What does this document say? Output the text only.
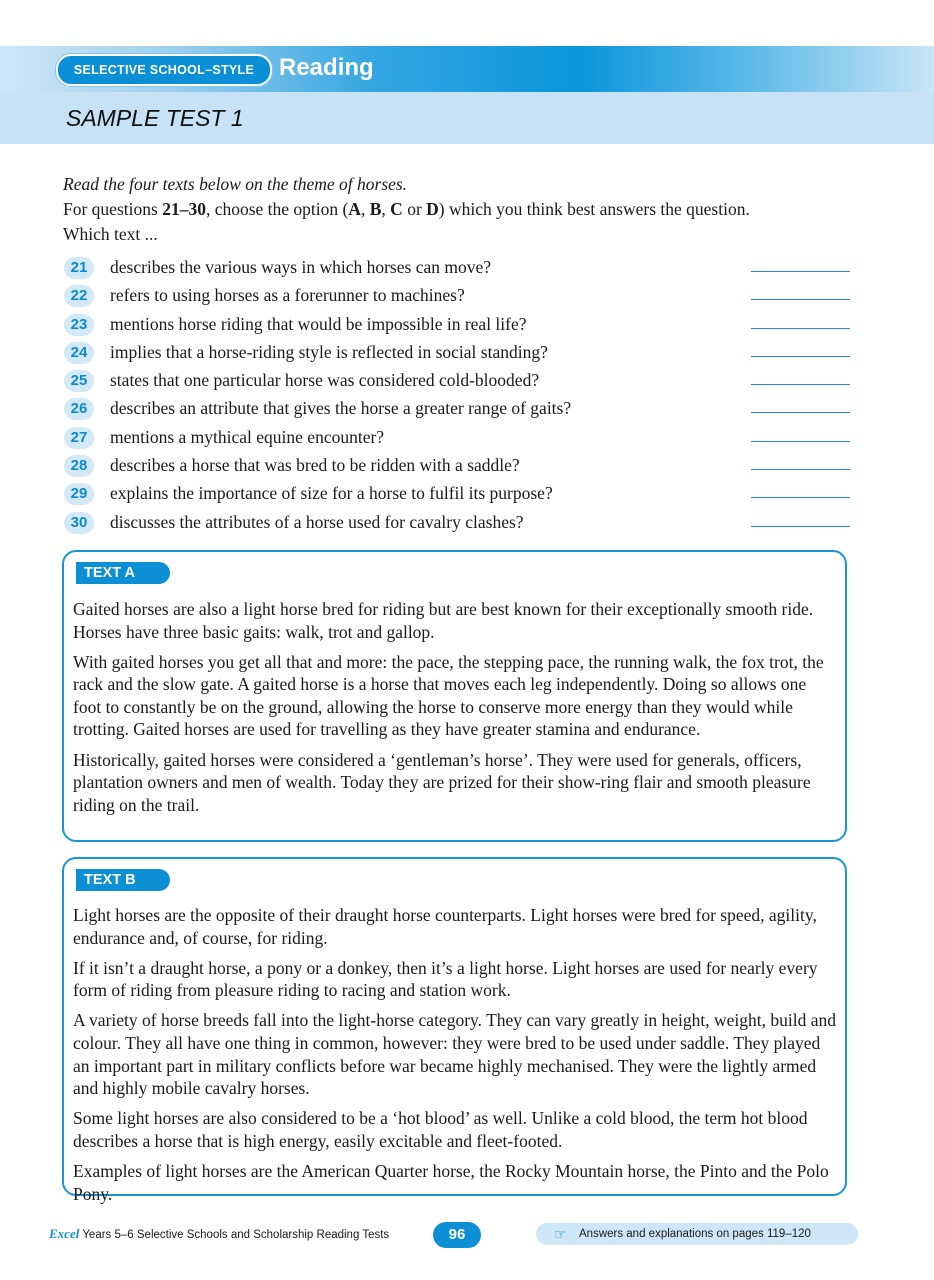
SELECTIVE SCHOOL–STYLE	Reading
SAMPLE TEST 1

Read the four texts below on the theme of horses.

For questions 21–30, choose the option (A, B, C or D) which you think best answers the question.

Which text ...

21	describes the various ways in which horses can move?
22	refers to using horses as a forerunner to machines?
23	mentions horse riding that would be impossible in real life?
24	implies that a horse-riding style is reflected in social standing?
25	states that one particular horse was considered cold-blooded?
26	describes an attribute that gives the horse a greater range of gaits?
27	mentions a mythical equine encounter?
28	describes a horse that was bred to be ridden with a saddle?
29	explains the importance of size for a horse to fulfil its purpose?
30	discusses the attributes of a horse used for cavalry clashes?
TEXT A

Gaited horses are also a light horse bred for riding but are best known for their exceptionally smooth ride. Horses have three basic gaits: walk, trot and gallop.

With gaited horses you get all that and more: the pace, the stepping pace, the running walk, the fox trot, the rack and the slow gate. A gaited horse is a horse that moves each leg independently. Doing so allows one foot to constantly be on the ground, allowing the horse to conserve more energy than they would while trotting. Gaited horses are used for travelling as they have greater stamina and endurance.

Historically, gaited horses were considered a ‘gentleman’s horse’. They were used for generals, officers, plantation owners and men of wealth. Today they are prized for their show-ring flair and smooth pleasure riding on the trail.

TEXT B

Light horses are the opposite of their draught horse counterparts. Light horses were bred for speed, agility, endurance and, of course, for riding.

If it isn’t a draught horse, a pony or a donkey, then it’s a light horse. Light horses are used for nearly every form of riding from pleasure riding to racing and station work.

A variety of horse breeds fall into the light-horse category. They can vary greatly in height, weight, build and colour. They all have one thing in common, however: they were bred to be used under saddle. They played an important part in military conflicts before war became highly mechanised. They were the lightly armed and highly mobile cavalry horses.

Some light horses are also considered to be a ‘hot blood’ as well. Unlike a cold blood, the term hot blood describes a horse that is high energy, easily excitable and fleet-footed.

Examples of light horses are the American Quarter horse, the Rocky Mountain horse, the Pinto and the Polo Pony.

Excel Years 5–6 Selective Schools and Scholarship Reading Tests	96	☞ Answers and explanations on pages 119–120
